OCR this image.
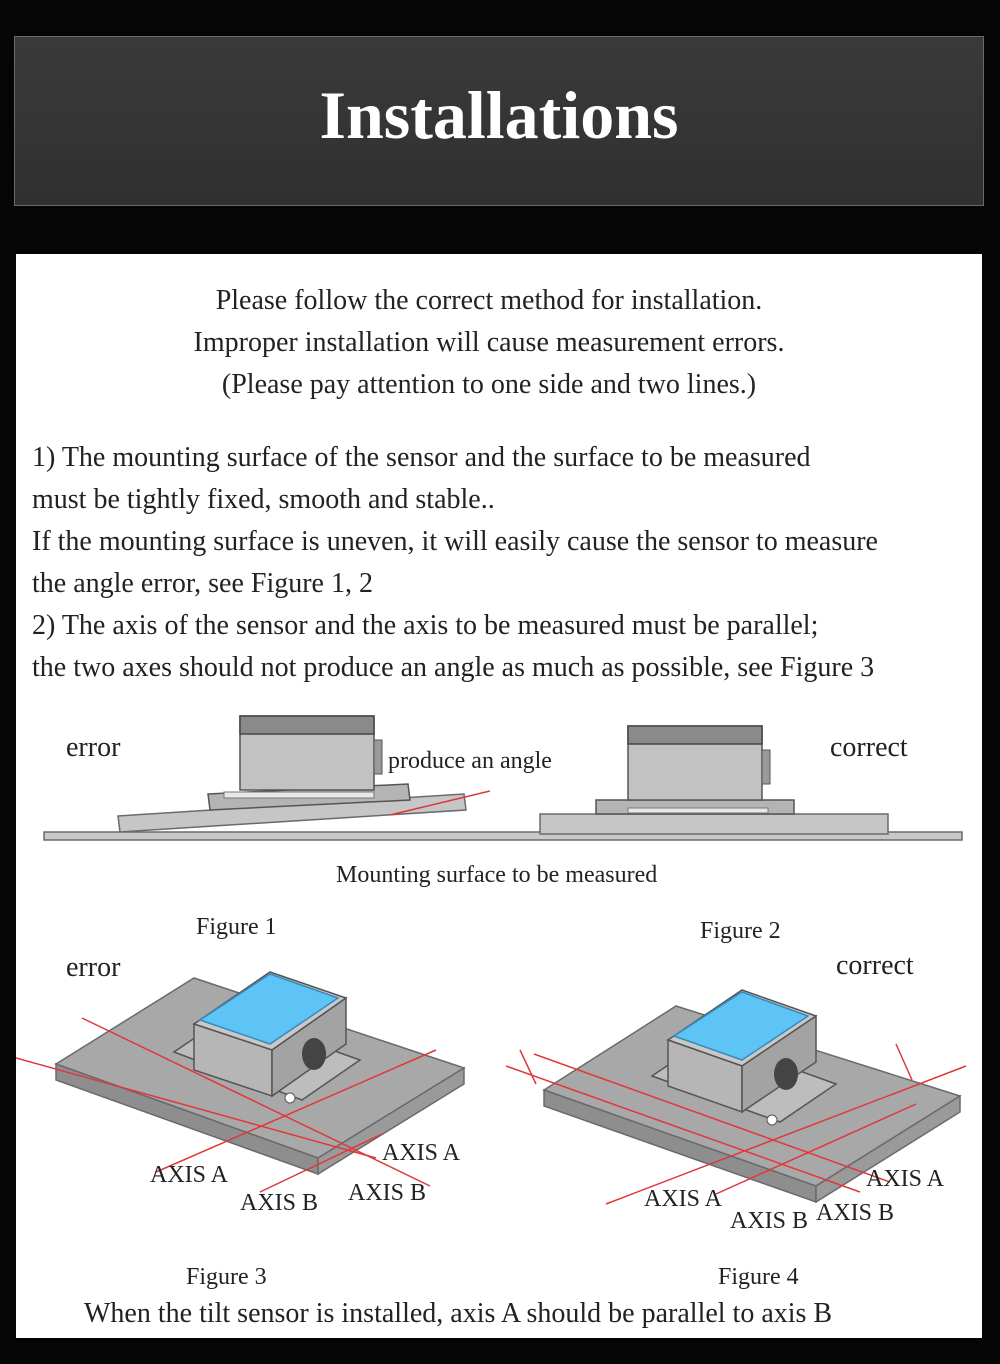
Installations
Please follow the correct method for installation.
Improper installation will cause measurement errors.
(Please pay attention to one side and two lines.)
1) The mounting surface of the sensor and the surface to be measured
must be tightly fixed, smooth and stable..
If the mounting surface is uneven, it will easily cause the sensor to measure
the angle error, see Figure 1, 2
2) The axis of the sensor and the axis to be measured must be parallel;
the two axes should not produce an angle as much as possible, see Figure 3
error	correct
produce an angle
Mounting surface to be measured
Figure 1	Figure 2
error	correct
AXIS A
AXIS A
AXIS B AXIS B
AXIS A
AXIS A
AXIS B AXIS B
Figure 3	Figure 4
When the tilt sensor is installed, axis A should be parallel to axis B
